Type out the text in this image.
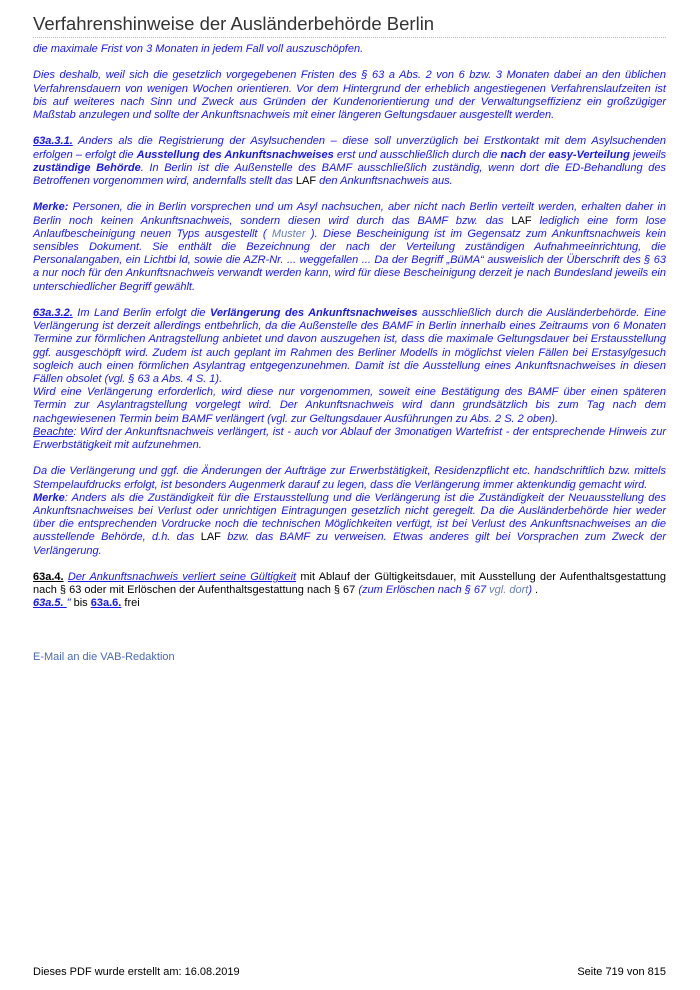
Verfahrenshinweise der Ausländerbehörde Berlin

die maximale Frist von 3 Monaten in jedem Fall voll auszuschöpfen.

Dies deshalb, weil sich die gesetzlich vorgegebenen Fristen des § 63 a Abs. 2 von 6 bzw. 3 Monaten dabei an den üblichen Verfahrensdauern von wenigen Wochen orientieren. Vor dem Hintergrund der erheblich angestiegenen Verfahrenslaufzeiten ist bis auf weiteres nach Sinn und Zweck aus Gründen der Kundenorientierung und der Verwaltungseffizienz ein großzügiger Maßstab anzulegen und sollte der Ankunftsnachweis mit einer längeren Geltungsdauer ausgestellt werden.

63a.3.1. Anders als die Registrierung der Asylsuchenden – diese soll unverzüglich bei Erstkontakt mit dem Asylsuchenden erfolgen – erfolgt die Ausstellung des Ankunftsnachweises erst und ausschließlich durch die nach der easy-Verteilung jeweils zuständige Behörde. In Berlin ist die Außenstelle des BAMF ausschließlich zuständig, wenn dort die ED-Behandlung des Betroffenen vorgenommen wird, andernfalls stellt das LAF den Ankunftsnachweis aus.

Merke: Personen, die in Berlin vorsprechen und um Asyl nachsuchen, aber nicht nach Berlin verteilt werden, erhalten daher in Berlin noch keinen Ankunftsnachweis, sondern diesen wird durch das BAMF bzw. das LAF lediglich eine form lose Anlaufbescheinigung neuen Typs ausgestellt ( Muster ). Diese Bescheinigung ist im Gegensatz zum Ankunftsnachweis kein sensibles Dokument. Sie enthält die Bezeichnung der nach der Verteilung zuständigen Aufnahmeeinrichtung, die Personalangaben, ein Lichtbi ld, sowie die AZR-Nr. ... weggefallen ... Da der Begriff „BüMA“ ausweislich der Überschrift des § 63 a nur noch für den Ankunftsnachweis verwandt werden kann, wird für diese Bescheinigung derzeit je nach Bundesland jeweils ein unterschiedlicher Begriff gewählt.

63a.3.2. Im Land Berlin erfolgt die Verlängerung des Ankunftsnachweises ausschließlich durch die Ausländerbehörde. Eine Verlängerung ist derzeit allerdings entbehrlich, da die Außenstelle des BAMF in Berlin innerhalb eines Zeitraums von 6 Monaten Termine zur förmlichen Antragstellung anbietet und davon auszugehen ist, dass die maximale Geltungsdauer bei Erstausstellung ggf. ausgeschöpft wird. Zudem ist auch geplant im Rahmen des Berliner Modells in möglichst vielen Fällen bei Erstasylgesuch sogleich auch einen förmlichen Asylantrag entgegenzunehmen. Damit ist die Ausstellung eines Ankunftsnachweises in diesen Fällen obsolet (vgl. § 63 a Abs. 4 S. 1).
Wird eine Verlängerung erforderlich, wird diese nur vorgenommen, soweit eine Bestätigung des BAMF über einen späteren Termin zur Asylantragstellung vorgelegt wird. Der Ankunftsnachweis wird dann grundsätzlich bis zum Tag nach dem nachgewiesenen Termin beim BAMF verlängert (vgl. zur Geltungsdauer Ausführungen zu Abs. 2 S. 2 oben).
Beachte: Wird der Ankunftsnachweis verlängert, ist - auch vor Ablauf der 3monatigen Wartefrist - der entsprechende Hinweis zur Erwerbstätigkeit mit aufzunehmen.

Da die Verlängerung und ggf. die Änderungen der Aufträge zur Erwerbstätigkeit, Residenzpflicht etc. handschriftlich bzw. mittels Stempelaufdrucks erfolgt, ist besonders Augenmerk darauf zu legen, dass die Verlängerung immer aktenkundig gemacht wird.
Merke: Anders als die Zuständigkeit für die Erstausstellung und die Verlängerung ist die Zuständigkeit der Neuausstellung des Ankunftsnachweises bei Verlust oder unrichtigen Eintragungen gesetzlich nicht geregelt. Da die Ausländerbehörde hier weder über die entsprechenden Vordrucke noch die technischen Möglichkeiten verfügt, ist bei Verlust des Ankunftsnachweises an die ausstellende Behörde, d.h. das LAF bzw. das BAMF zu verweisen. Etwas anderes gilt bei Vorsprachen zum Zweck der Verlängerung.

63a.4. Der Ankunftsnachweis verliert seine Gültigkeit mit Ablauf der Gültigkeitsdauer, mit Ausstellung der Aufenthaltsgestattung nach § 63 oder mit Erlöschen der Aufenthaltsgestattung nach § 67 (zum Erlöschen nach § 67 vgl. dort) .

63a.5. " bis 63a.6. frei

E-Mail an die VAB-Redaktion
Dieses PDF wurde erstellt am: 16.08.2019	Seite 719 von 815
